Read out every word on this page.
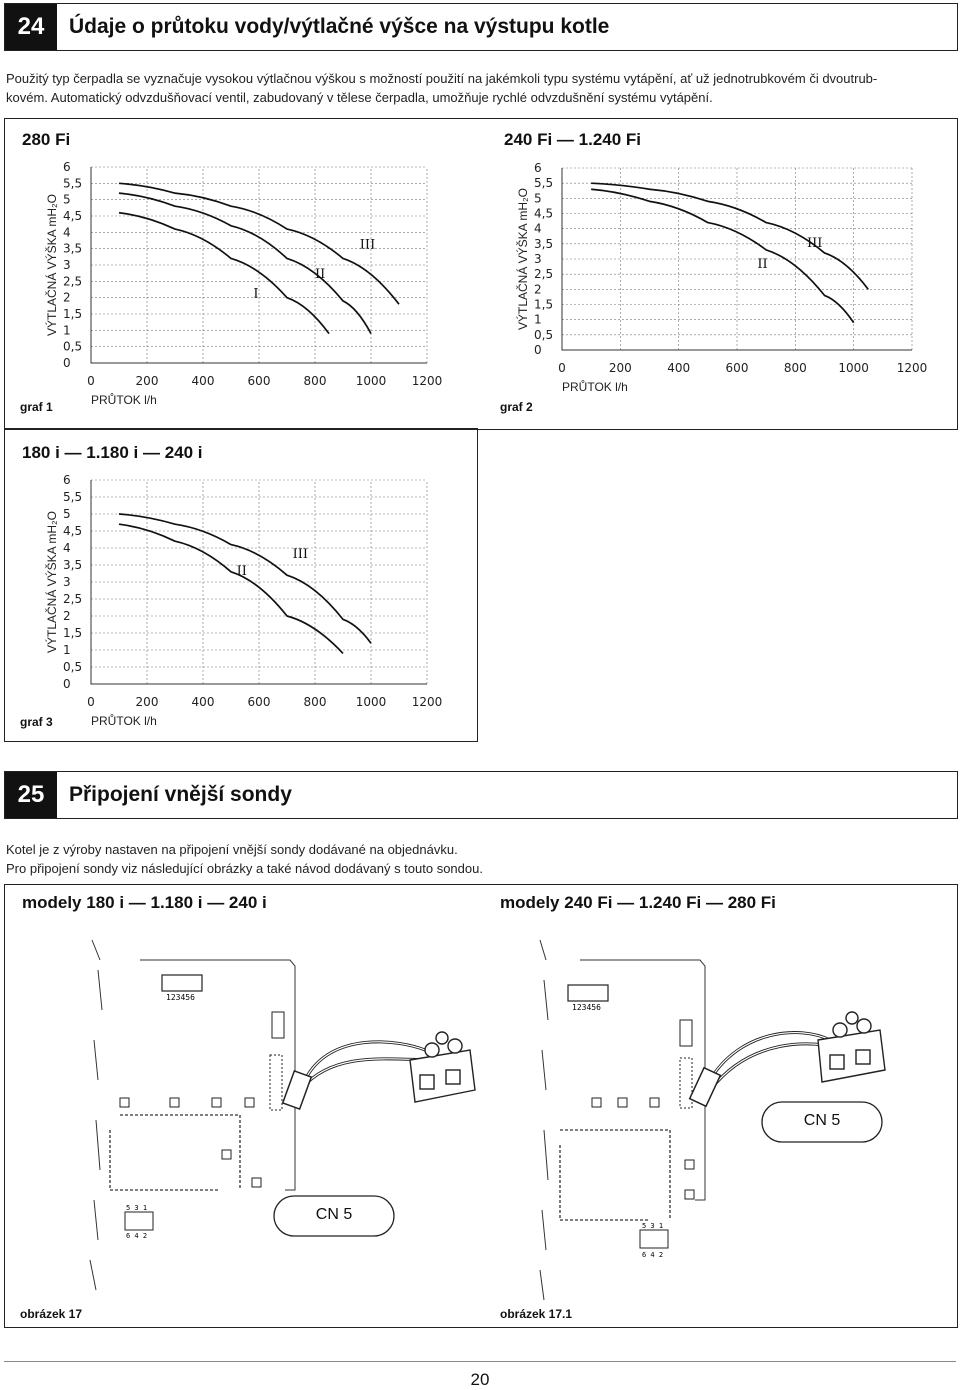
24	Údaje o průtoku vody/výtlačné výšce na výstupu kotle
Použitý typ čerpadla se vyznačuje vysokou výtlačnou výškou s možností použití na jakémkoli typu systému vytápění, ať už jednotrubkovém či dvoutrub-
kovém. Automatický odvzdušňovací ventil, zabudovaný v tělese čerpadla, umožňuje rychlé odvzdušnění systému vytápění.
280 Fi	240 Fi — 1.240 Fi
180 i — 1.180 i — 240 i
graf 1	graf 2
graf 3
0
0,5
1
1,5
2
2,5
3
3,5
4
4,5
5
5,5
6
0	200	400	600	800 1000 1200
PRŮTOK l/h
VÝTLAČNÁ VÝŠKA mH₂O	I
II
III
0
0,5
1
1,5
2
2,5
3
3,5
4
4,5
5
5,5
6
0	200	400	600	800	1000 1200
PRŮTOK l/h
VÝTLAČNÁ VÝŠKA mH₂O	II
III
0
0,5
1
1,5
2
2,5
3
3,5
4
4,5
5
5,5
6
0	200	400	600	800 1000 1200
PRŮTOK l/h
VÝTLAČNÁ VÝŠKA mH₂O	II
III
25	Připojení vnější sondy
Kotel je z výroby nastaven na připojení vnější sondy dodávané na objednávku.
Pro připojení sondy viz následující obrázky a také návod dodávaný s touto sondou.
modely 180 i — 1.180 i — 240 i	modely 240 Fi — 1.240 Fi — 280 Fi
123456
5 3 1
6 4 2
CN 5
123456
5 3 1
6 4 2
CN 5
obrázek 17	obrázek 17.1
20
